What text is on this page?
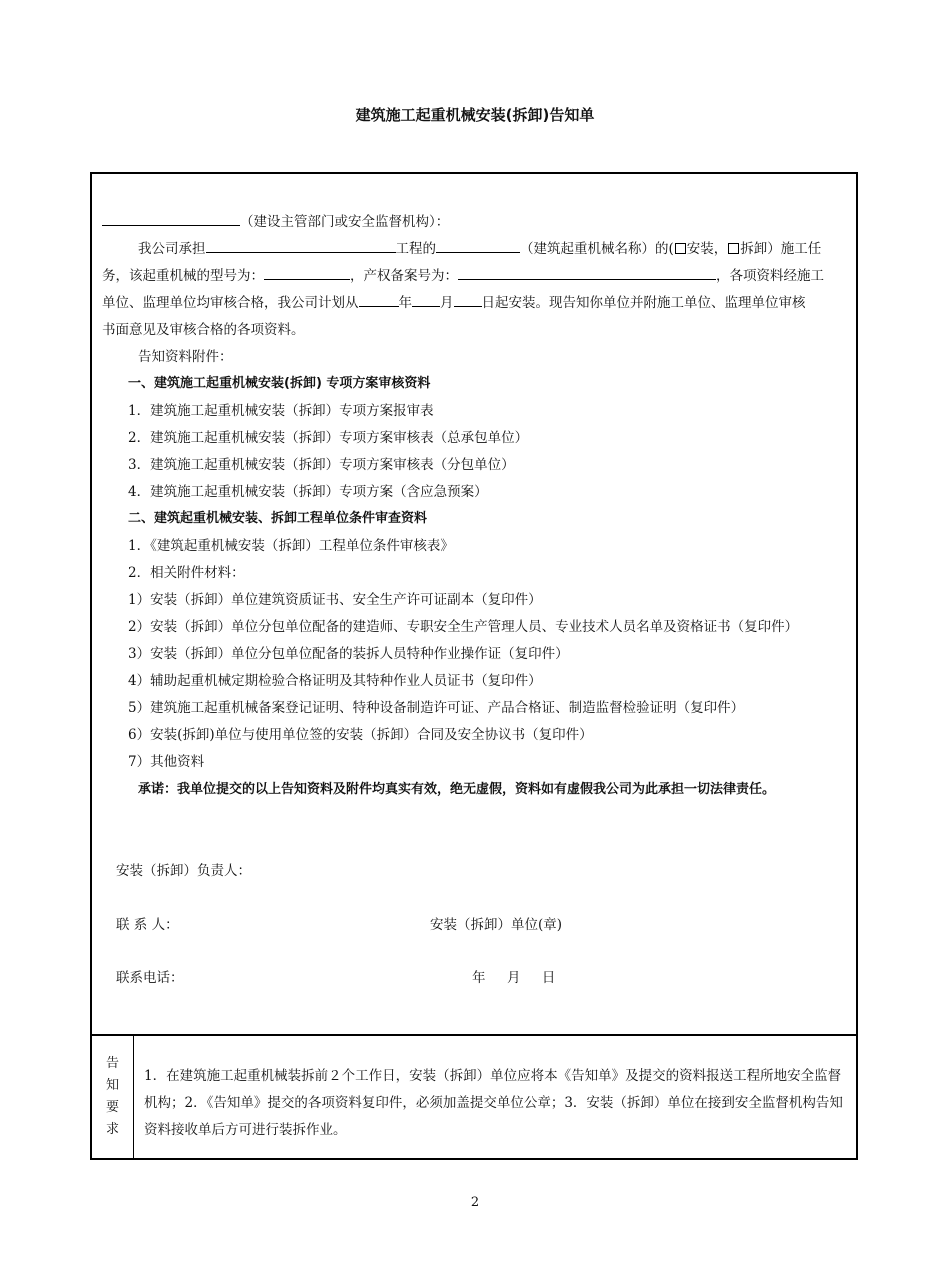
建筑施工起重机械安装(拆卸)告知单
（建设主管部门或安全监督机构）：
我公司承担	工程的	（建筑起重机械名称）的( 安装， 拆卸）施工任
务，该起重机械的型号为：	，产权备案号为：	，各项资料经施工
单位、监理单位均审核合格，我公司计划从	年 月 日起安装。现告知你单位并附施工单位、监理单位审核
书面意见及审核合格的各项资料。
告知资料附件：
一、建筑施工起重机械安装(拆卸) 专项方案审核资料
1．建筑施工起重机械安装（拆卸）专项方案报审表
2．建筑施工起重机械安装（拆卸）专项方案审核表（总承包单位）
3．建筑施工起重机械安装（拆卸）专项方案审核表（分包单位）
4．建筑施工起重机械安装（拆卸）专项方案（含应急预案）
二、建筑起重机械安装、拆卸工程单位条件审查资料
1．《建筑起重机械安装（拆卸）工程单位条件审核表》
2．相关附件材料：
1）安装（拆卸）单位建筑资质证书、安全生产许可证副本（复印件）
2）安装（拆卸）单位分包单位配备的建造师、专职安全生产管理人员、专业技术人员名单及资格证书（复印件）
3）安装（拆卸）单位分包单位配备的装拆人员特种作业操作证（复印件）
4）辅助起重机械定期检验合格证明及其特种作业人员证书（复印件）
5）建筑施工起重机械备案登记证明、特种设备制造许可证、产品合格证、制造监督检验证明（复印件）
6）安装(拆卸)单位与使用单位签的安装（拆卸）合同及安全协议书（复印件）
7）其他资料
承诺：我单位提交的以上告知资料及附件均真实有效，绝无虚假，资料如有虚假我公司为此承担一切法律责任。
安装（拆卸）负责人：
联 系 人：	安装（拆卸）单位(章)
联系电话：	年     月     日
告
知
要
求
1．在建筑施工起重机械装拆前２个工作日，安装（拆卸）单位应将本《告知单》及提交的资料报送工程所地安全监督机构；2．《告知单》提交的各项资料复印件，必须加盖提交单位公章；3．安装（拆卸）单位在接到安全监督机构告知资料接收单后方可进行装拆作业。
2
